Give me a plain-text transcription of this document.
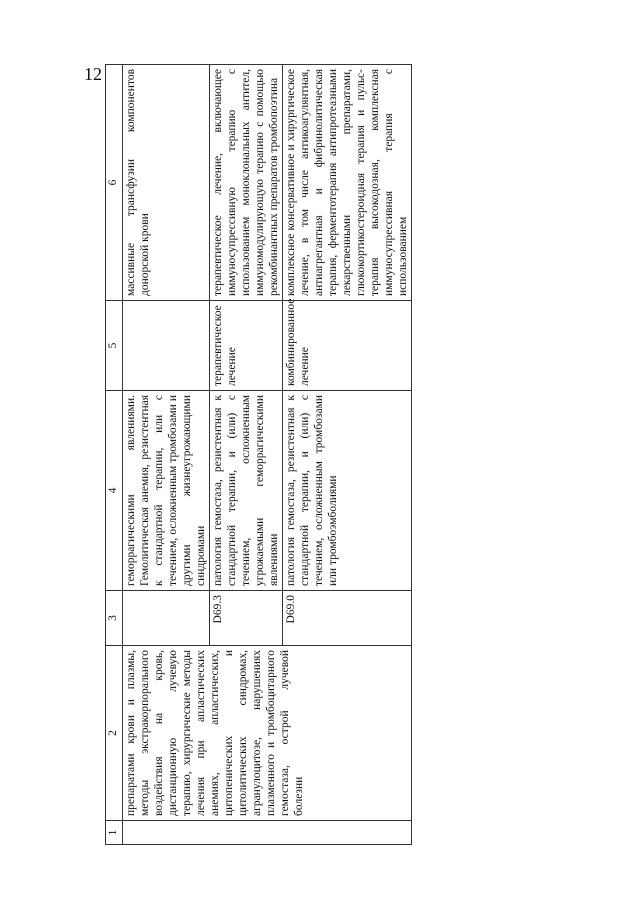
12
1	2	3	4	5	6
	препаратами крови и плазмы, методы экстракорпорального воздействия на кровь, дистанционную лучевую терапию, хирургические методы лечения при апластических анемиях, апластических, цитопенических и цитолитических синдромах, агранулоцитозе, нарушениях плазменного и тромбоцитарного гемостаза, острой лучевой болезни		геморрагическими явлениями. Гемолитическая анемия, резистентная к стандартной терапии, или с течением, осложненным тромбозами и другими жизнеугрожающими синдромами		массивные трансфузии компонентов донорской крови
		D69.3	патология гемостаза, резистентная к стандартной терапии, и (или) с течением, осложненным угрожаемыми геморрагическими явлениями	терапевтическое лечение	терапевтическое лечение, включающее иммуносупрессивную терапию с использованием моноклональных антител, иммуномодулирующую терапию с помощью рекомбинантных препаратов тромбопоэтина
		D69.0	патология гемостаза, резистентная к стандартной терапии, и (или) с течением, осложненным тромбозами или тромбоэмболиями	комбинированное лечение	комплексное консервативное и хирургическое лечение, в том числе антикоагулянтная, антиагрегантная и фибринолитическая терапия, ферментотерапия антипротеазными лекарственными препаратами, глюкокортикостероидная терапия и пульс-терапия высокодозная, комплексная иммуносупрессивная терапия с использованием
